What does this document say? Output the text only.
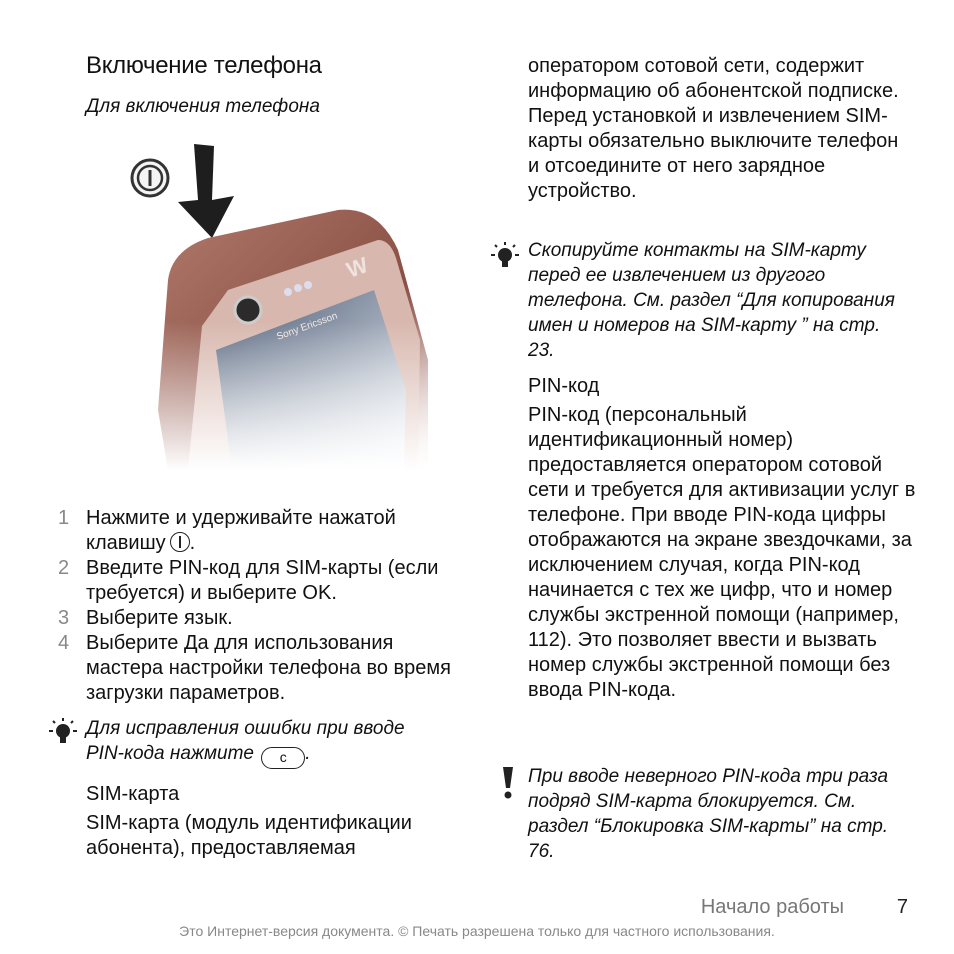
Включение телефона
Для включения телефона
1 Нажмите и удерживайте нажатой клавишу .
2 Введите PIN-код для SIM-карты (если требуется) и выберите OK.
3 Выберите язык.
4 Выберите Да для использования мастера настройки телефона во время загрузки параметров.
Для исправления ошибки при вводе
PIN-кода нажмите c .
SIM-карта
SIM-карта (модуль идентификации абонента), предоставляемая
оператором сотовой сети, содержит информацию об абонентской подписке. Перед установкой и извлечением SIM-карты обязательно выключите телефон и отсоедините от него зарядное устройство.
Скопируйте контакты на SIM-карту перед ее извлечением из другого телефона. См. раздел “Для копирования имен и номеров на SIM-карту ” на стр. 23.
PIN-код
PIN-код (персональный идентификационный номер) предоставляется оператором сотовой сети и требуется для активизации услуг в телефоне. При вводе PIN-кода цифры отображаются на экране звездочками, за исключением случая, когда PIN-код начинается с тех же цифр, что и номер службы экстренной помощи (например, 112). Это позволяет ввести и вызвать номер службы экстренной помощи без ввода PIN-кода.
При вводе неверного PIN-кода три раза подряд SIM-карта блокируется. См. раздел “Блокировка SIM-карты” на стр. 76.
Начало работы	7
Это Интернет-версия документа. © Печать разрешена только для частного использования.
